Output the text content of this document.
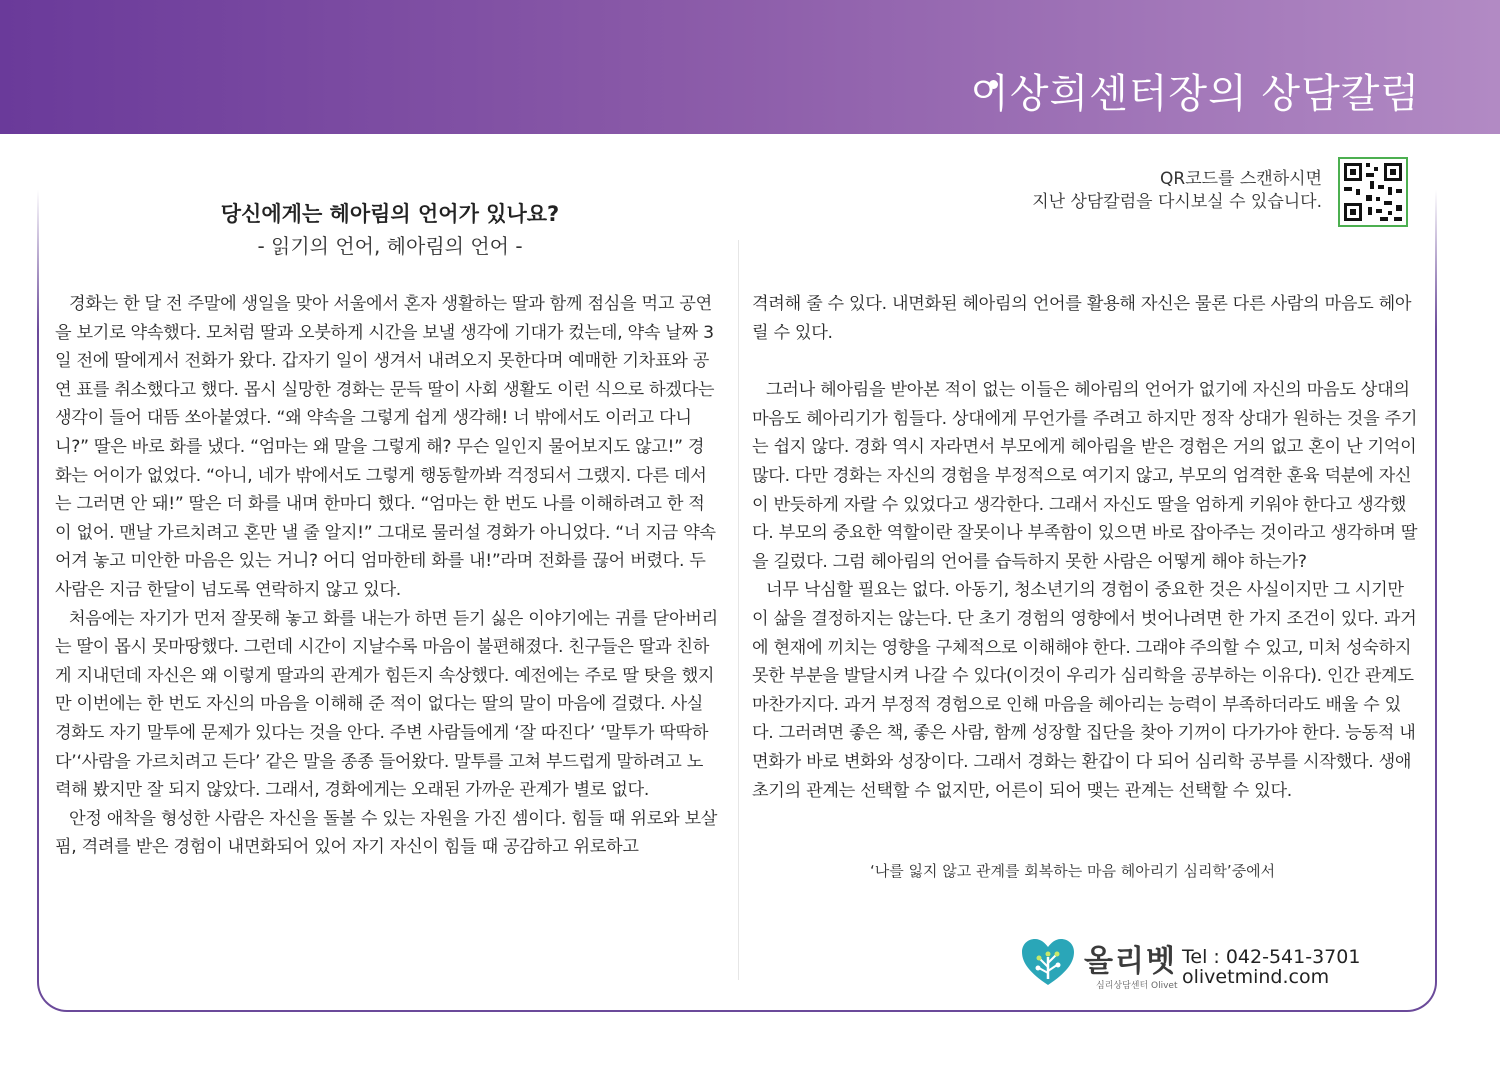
이상희센터장의 상담칼럼
QR코드를 스캔하시면
지난 상담칼럼을 다시보실 수 있습니다.
당신에게는 헤아림의 언어가 있나요?
- 읽기의 언어, 헤아림의 언어 -

경화는 한 달 전 주말에 생일을 맞아 서울에서 혼자 생활하는 딸과 함께 점심을 먹고 공연을 보기로 약속했다. 모처럼 딸과 오붓하게 시간을 보낼 생각에 기대가 컸는데, 약속 날짜 3일 전에 딸에게서 전화가 왔다. 갑자기 일이 생겨서 내려오지 못한다며 예매한 기차표와 공연 표를 취소했다고 했다. 몹시 실망한 경화는 문득 딸이 사회 생활도 이런 식으로 하겠다는 생각이 들어 대뜸 쏘아붙였다. “왜 약속을 그렇게 쉽게 생각해! 너 밖에서도 이러고 다니니?” 딸은 바로 화를 냈다. “엄마는 왜 말을 그렇게 해? 무슨 일인지 물어보지도 않고!” 경화는 어이가 없었다. “아니, 네가 밖에서도 그렇게 행동할까봐 걱정되서 그랬지. 다른 데서는 그러면 안 돼!” 딸은 더 화를 내며 한마디 했다. “엄마는 한 번도 나를 이해하려고 한 적이 없어. 맨날 가르치려고 혼만 낼 줄 알지!” 그대로 물러설 경화가 아니었다. “너 지금 약속 어겨 놓고 미안한 마음은 있는 거니? 어디 엄마한테 화를 내!”라며 전화를 끊어 버렸다. 두 사람은 지금 한달이 넘도록 연락하지 않고 있다.

처음에는 자기가 먼저 잘못해 놓고 화를 내는가 하면 듣기 싫은 이야기에는 귀를 닫아버리는 딸이 몹시 못마땅했다. 그런데 시간이 지날수록 마음이 불편해졌다. 친구들은 딸과 친하게 지내던데 자신은 왜 이렇게 딸과의 관계가 힘든지 속상했다. 예전에는 주로 딸 탓을 했지만 이번에는 한 번도 자신의 마음을 이해해 준 적이 없다는 딸의 말이 마음에 걸렸다. 사실 경화도 자기 말투에 문제가 있다는 것을 안다. 주변 사람들에게 ‘잘 따진다’ ‘말투가 딱딱하다’‘사람을 가르치려고 든다’ 같은 말을 종종 들어왔다. 말투를 고쳐 부드럽게 말하려고 노력해 봤지만 잘 되지 않았다. 그래서, 경화에게는 오래된 가까운 관계가 별로 없다.

안정 애착을 형성한 사람은 자신을 돌볼 수 있는 자원을 가진 셈이다. 힘들 때 위로와 보살핌, 격려를 받은 경험이 내면화되어 있어 자기 자신이 힘들 때 공감하고 위로하고

격려해 줄 수 있다. 내면화된 헤아림의 언어를 활용해 자신은 물론 다른 사람의 마음도 헤아릴 수 있다.

그러나 헤아림을 받아본 적이 없는 이들은 헤아림의 언어가 없기에 자신의 마음도 상대의 마음도 헤아리기가 힘들다. 상대에게 무언가를 주려고 하지만 정작 상대가 원하는 것을 주기는 쉽지 않다. 경화 역시 자라면서 부모에게 헤아림을 받은 경험은 거의 없고 혼이 난 기억이 많다. 다만 경화는 자신의 경험을 부정적으로 여기지 않고, 부모의 엄격한 훈육 덕분에 자신이 반듯하게 자랄 수 있었다고 생각한다. 그래서 자신도 딸을 엄하게 키워야 한다고 생각했다. 부모의 중요한 역할이란 잘못이나 부족함이 있으면 바로 잡아주는 것이라고 생각하며 딸을 길렀다. 그럼 헤아림의 언어를 습득하지 못한 사람은 어떻게 해야 하는가?

너무 낙심할 필요는 없다. 아동기, 청소년기의 경험이 중요한 것은 사실이지만 그 시기만이 삶을 결정하지는 않는다. 단 초기 경험의 영향에서 벗어나려면 한 가지 조건이 있다. 과거에 현재에 끼치는 영향을 구체적으로 이해해야 한다. 그래야 주의할 수 있고, 미처 성숙하지 못한 부분을 발달시켜 나갈 수 있다(이것이 우리가 심리학을 공부하는 이유다). 인간 관계도 마찬가지다. 과거 부정적 경험으로 인해 마음을 헤아리는 능력이 부족하더라도 배울 수 있다. 그러려면 좋은 책, 좋은 사람, 함께 성장할 집단을 찾아 기꺼이 다가가야 한다. 능동적 내면화가 바로 변화와 성장이다. 그래서 경화는 환갑이 다 되어 심리학 공부를 시작했다. 생애 초기의 관계는 선택할 수 없지만, 어른이 되어 맺는 관계는 선택할 수 있다.

‘나를 잃지 않고 관계를 회복하는 마음 헤아리기 심리학’중에서
올리벳
심리상담센터 Olivet
Tel : 042-541-3701
olivetmind.com
